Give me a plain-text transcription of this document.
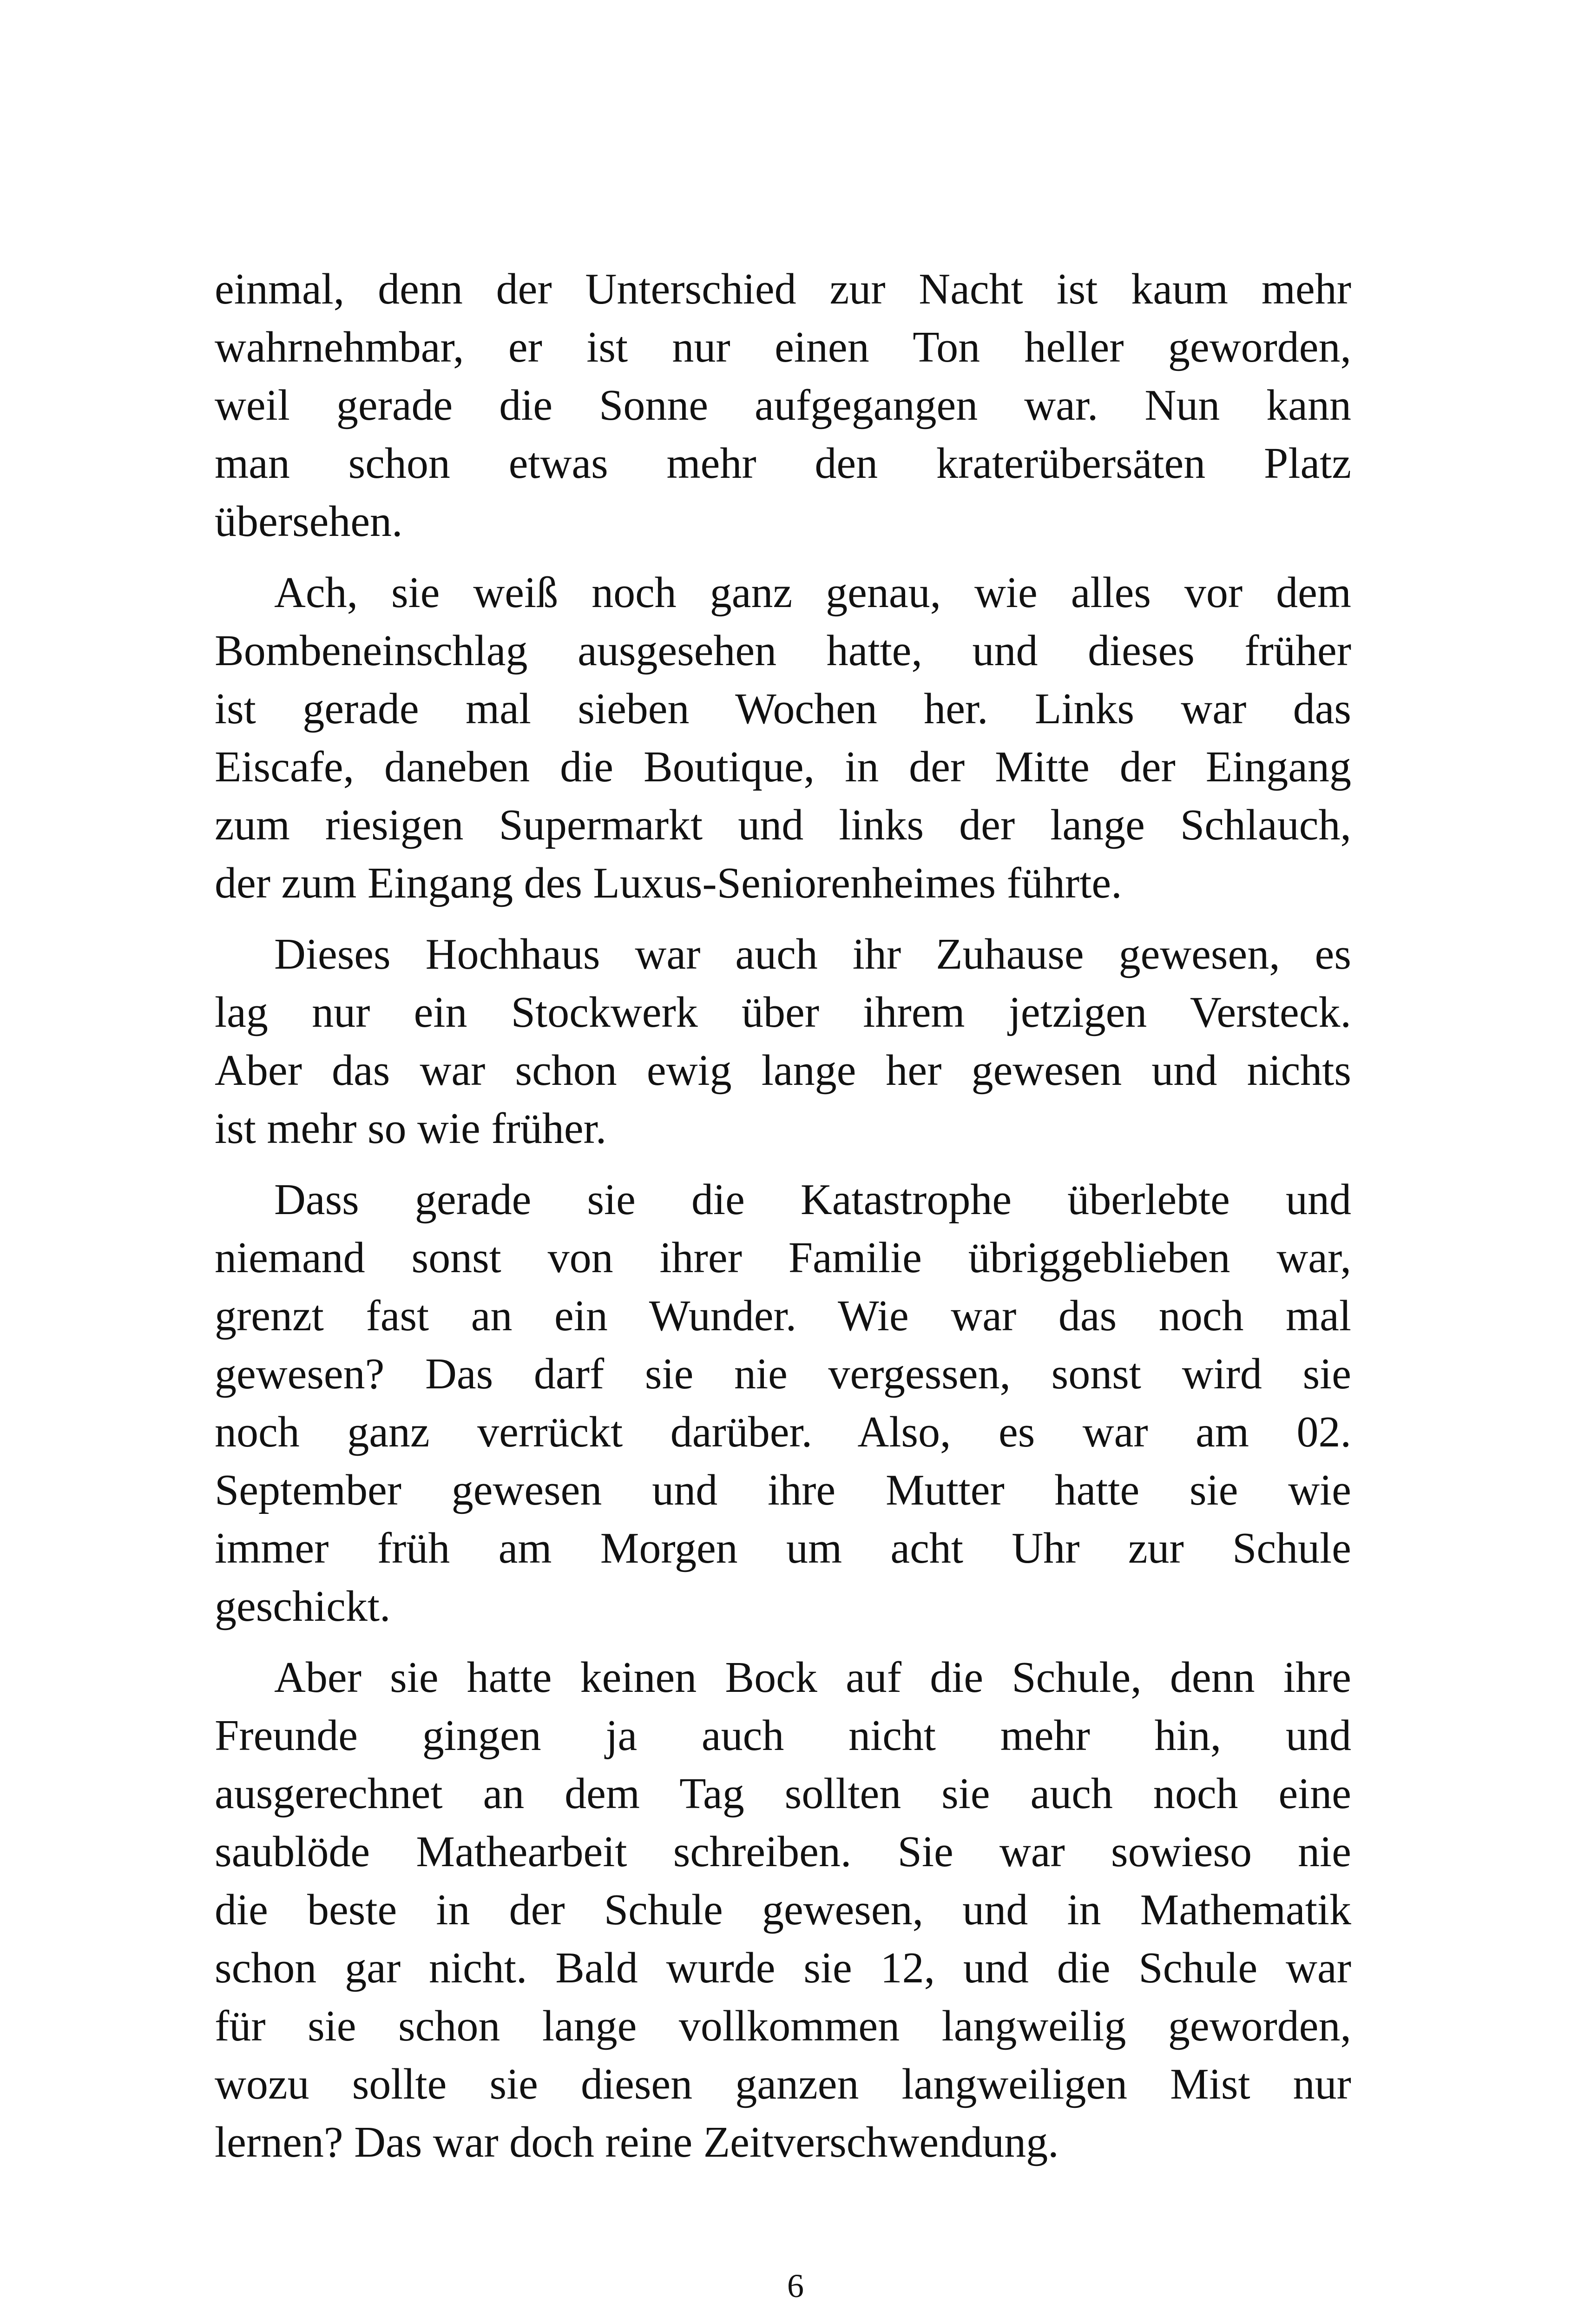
einmal, denn der Unterschied zur Nacht ist kaum mehr
wahrnehmbar, er ist nur einen Ton heller geworden,
weil gerade die Sonne aufgegangen war. Nun kann
man schon etwas mehr den kraterübersäten Platz
übersehen.
Ach, sie weiß noch ganz genau, wie alles vor dem
Bombeneinschlag ausgesehen hatte, und dieses früher
ist gerade mal sieben Wochen her. Links war das
Eiscafe, daneben die Boutique, in der Mitte der Eingang
zum riesigen Supermarkt und links der lange Schlauch,
der zum Eingang des Luxus-Seniorenheimes führte.
Dieses Hochhaus war auch ihr Zuhause gewesen, es
lag nur ein Stockwerk über ihrem jetzigen Versteck.
Aber das war schon ewig lange her gewesen und nichts
ist mehr so wie früher.
Dass gerade sie die Katastrophe überlebte und
niemand sonst von ihrer Familie übriggeblieben war,
grenzt fast an ein Wunder. Wie war das noch mal
gewesen? Das darf sie nie vergessen, sonst wird sie
noch ganz verrückt darüber. Also, es war am 02.
September gewesen und ihre Mutter hatte sie wie
immer früh am Morgen um acht Uhr zur Schule
geschickt.
Aber sie hatte keinen Bock auf die Schule, denn ihre
Freunde gingen ja auch nicht mehr hin, und
ausgerechnet an dem Tag sollten sie auch noch eine
saublöde Mathearbeit schreiben. Sie war sowieso nie
die beste in der Schule gewesen, und in Mathematik
schon gar nicht. Bald wurde sie 12, und die Schule war
für sie schon lange vollkommen langweilig geworden,
wozu sollte sie diesen ganzen langweiligen Mist nur
lernen? Das war doch reine Zeitverschwendung.
6
